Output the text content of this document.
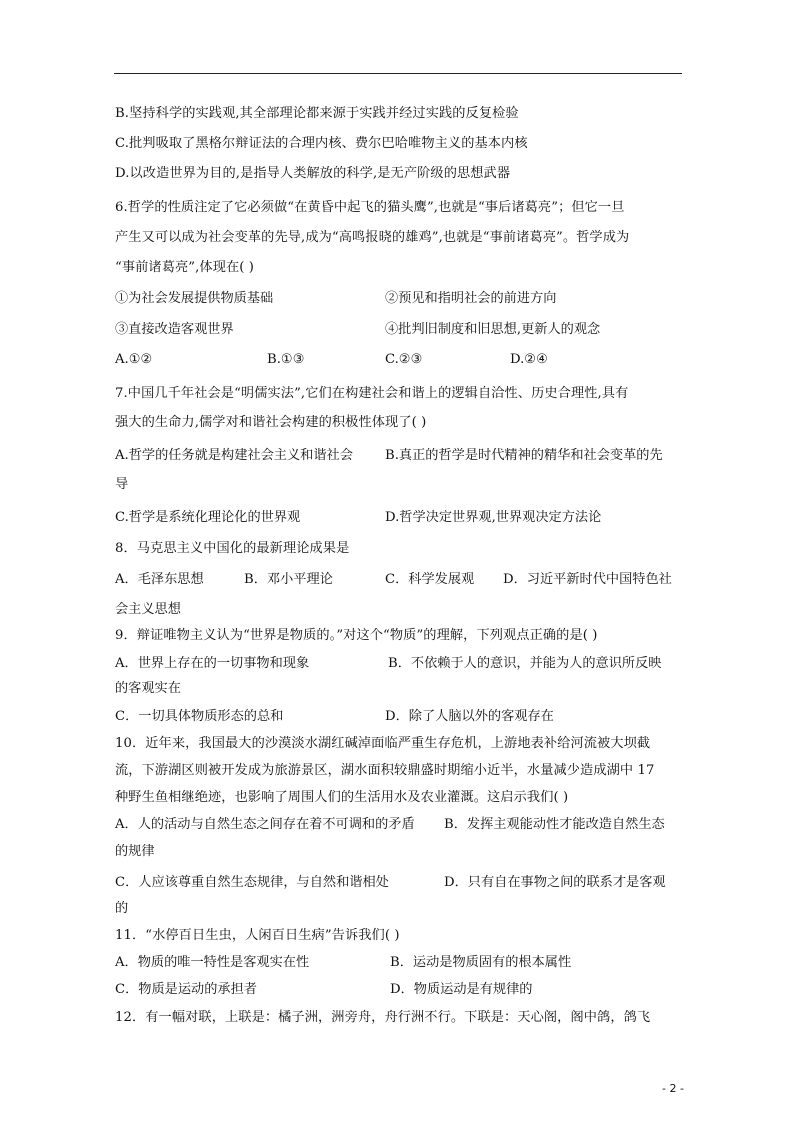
B.坚持科学的实践观,其全部理论都来源于实践并经过实践的反复检验
C.批判吸取了黑格尔辩证法的合理内核、费尔巴哈唯物主义的基本内核
D.以改造世界为目的,是指导人类解放的科学,是无产阶级的思想武器
6.哲学的性质注定了它必须做“在黄昏中起飞的猫头鹰”,也就是“事后诸葛亮”；但它一旦
产生又可以成为社会变革的先导,成为“高鸣报晓的雄鸡”,也就是“事前诸葛亮”。哲学成为
“事前诸葛亮”,体现在( )
①为社会发展提供物质基础	②预见和指明社会的前进方向
③直接改造客观世界	④批判旧制度和旧思想,更新人的观念
A.①②	B.①③	C.②③	D.②④
7.中国几千年社会是“明儒实法”,它们在构建社会和谐上的逻辑自洽性、历史合理性,具有
强大的生命力,儒学对和谐社会构建的积极性体现了( )
A.哲学的任务就是构建社会主义和谐社会 B.真正的哲学是时代精神的精华和社会变革的先
导
C.哲学是系统化理论化的世界观	D.哲学决定世界观,世界观决定方法论
8．马克思主义中国化的最新理论成果是
A．毛泽东思想	B．邓小平理论	C．科学发展观 D．习近平新时代中国特色社
会主义思想
9．辩证唯物主义认为“世界是物质的。”对这个“物质”的理解，下列观点正确的是( )
A．世界上存在的一切事物和现象	B．不依赖于人的意识，并能为人的意识所反映
的客观实在
C．一切具体物质形态的总和	D．除了人脑以外的客观存在
10．近年来，我国最大的沙漠淡水湖红碱淖面临严重生存危机，上游地表补给河流被大坝截
流，下游湖区则被开发成为旅游景区，湖水面积较鼎盛时期缩小近半，水量减少造成湖中 17
种野生鱼相继绝迹，也影响了周围人们的生活用水及农业灌溉。这启示我们( )
A．人的活动与自然生态之间存在着不可调和的矛盾 B．发挥主观能动性才能改造自然生态
的规律
C．人应该尊重自然生态规律，与自然和谐相处	D．只有自在事物之间的联系才是客观
的
11．“水停百日生虫，人闲百日生病”告诉我们( )
A．物质的唯一特性是客观实在性	B．运动是物质固有的根本属性
C．物质是运动的承担者	D．物质运动是有规律的
12．有一幅对联，上联是：橘子洲，洲旁舟，舟行洲不行。下联是：天心阁，阁中鸽，鸽飞
- 2 -
